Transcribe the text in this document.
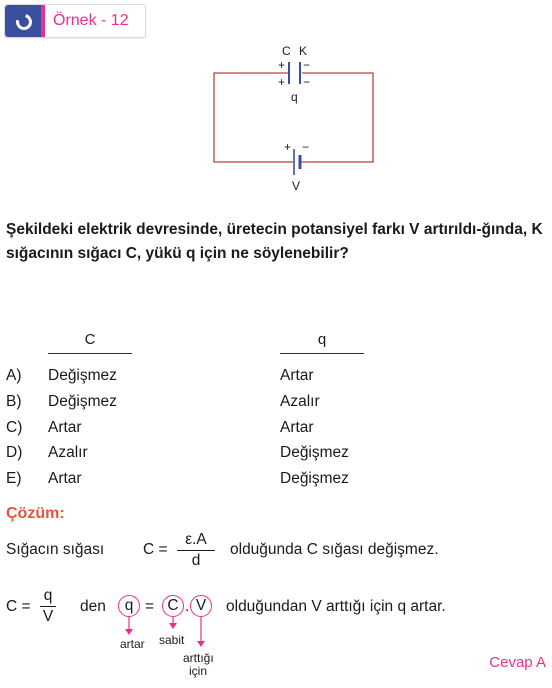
Örnek - 12
C K
+ −
+ −
q
+ −
V
Şekildeki elektrik devresinde, üretecin potansiyel farkı V artırıldı-ğında, K sığacının sığacı C, yükü q için ne söylenebilir?
C	q
A) Değişmez	Artar
B) Değişmez	Azalır
C) Artar	Artar
D) Azalır	Değişmez
E) Artar	Değişmez
Çözüm:
Sığacın sığası	C =
ε.A
d
olduğunda C sığası değişmez.
C =
q
V
den	q = C . V	olduğundan V arttığı için q artar.
artar sabit
arttığı
için	Cevap A
